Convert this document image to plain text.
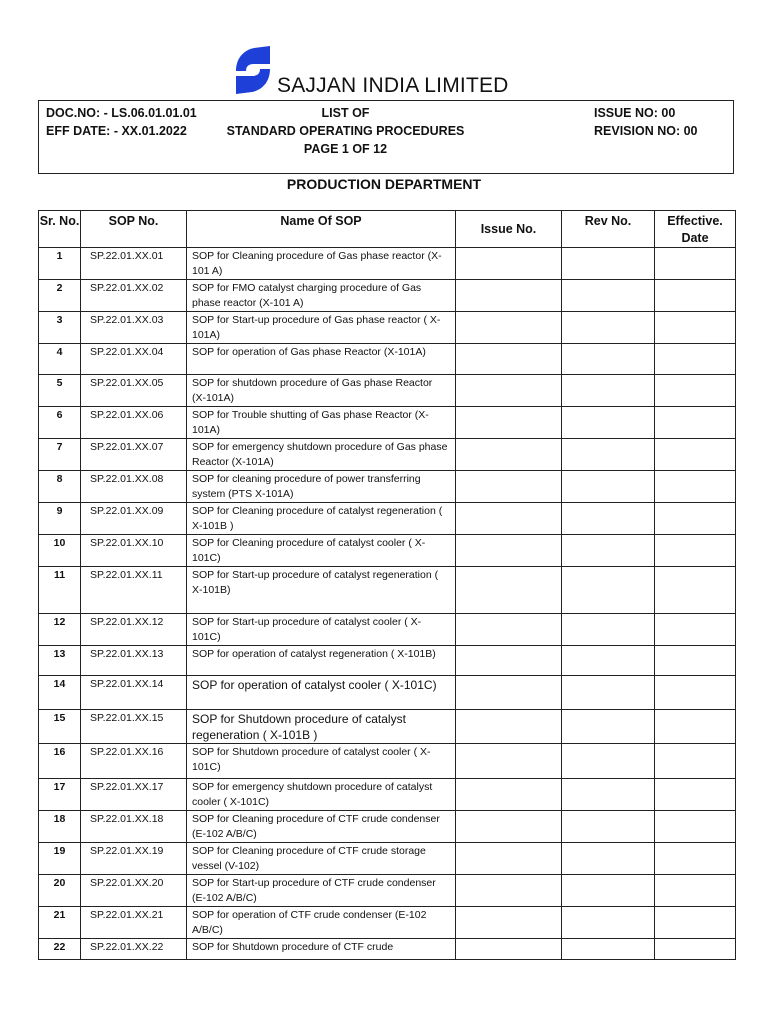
SAJJAN INDIA LIMITED
DOC.NO: - LS.06.01.01.01
EFF DATE: - XX.01.2022
LIST OF
STANDARD OPERATING PROCEDURES
PAGE 1 OF 12
ISSUE NO: 00
REVISION NO: 00
PRODUCTION DEPARTMENT
Sr. No.	SOP No.	Name Of SOP	Issue No.	Rev No.	Effective. Date
1	SP.22.01.XX.01	SOP for Cleaning procedure of Gas phase reactor (X-101 A)			
2	SP.22.01.XX.02	SOP for FMO catalyst charging procedure of Gas phase reactor (X-101 A)			
3	SP.22.01.XX.03	SOP for Start-up procedure of Gas phase reactor ( X-101A)			
4	SP.22.01.XX.04	SOP for operation of Gas phase Reactor (X-101A)			
5	SP.22.01.XX.05	SOP for shutdown procedure of Gas phase Reactor (X-101A)			
6	SP.22.01.XX.06	SOP for Trouble shutting of Gas phase Reactor (X-101A)			
7	SP.22.01.XX.07	SOP for emergency shutdown procedure of Gas phase Reactor (X-101A)			
8	SP.22.01.XX.08	SOP for cleaning procedure of power transferring system (PTS X-101A)			
9	SP.22.01.XX.09	SOP for Cleaning procedure of catalyst regeneration ( X-101B )			
10	SP.22.01.XX.10	SOP for Cleaning procedure of catalyst cooler ( X-101C)			
11	SP.22.01.XX.11	SOP for Start-up procedure of catalyst regeneration ( X-101B)			
12	SP.22.01.XX.12	SOP for Start-up procedure of catalyst cooler ( X-101C)			
13	SP.22.01.XX.13	SOP for operation of catalyst regeneration ( X-101B)			
14	SP.22.01.XX.14	SOP for operation of catalyst cooler ( X-101C)			
15	SP.22.01.XX.15	SOP for Shutdown procedure of catalyst regeneration ( X-101B )			
16	SP.22.01.XX.16	SOP for Shutdown procedure of catalyst cooler ( X-101C)			
17	SP.22.01.XX.17	SOP for emergency shutdown procedure of catalyst cooler ( X-101C)			
18	SP.22.01.XX.18	SOP for Cleaning procedure of CTF crude condenser (E-102 A/B/C)			
19	SP.22.01.XX.19	SOP for Cleaning procedure of CTF crude storage vessel (V-102)			
20	SP.22.01.XX.20	SOP for Start-up procedure of CTF crude condenser (E-102 A/B/C)			
21	SP.22.01.XX.21	SOP for operation of CTF crude condenser (E-102 A/B/C)			
22	SP.22.01.XX.22	SOP for Shutdown procedure of CTF crude			
